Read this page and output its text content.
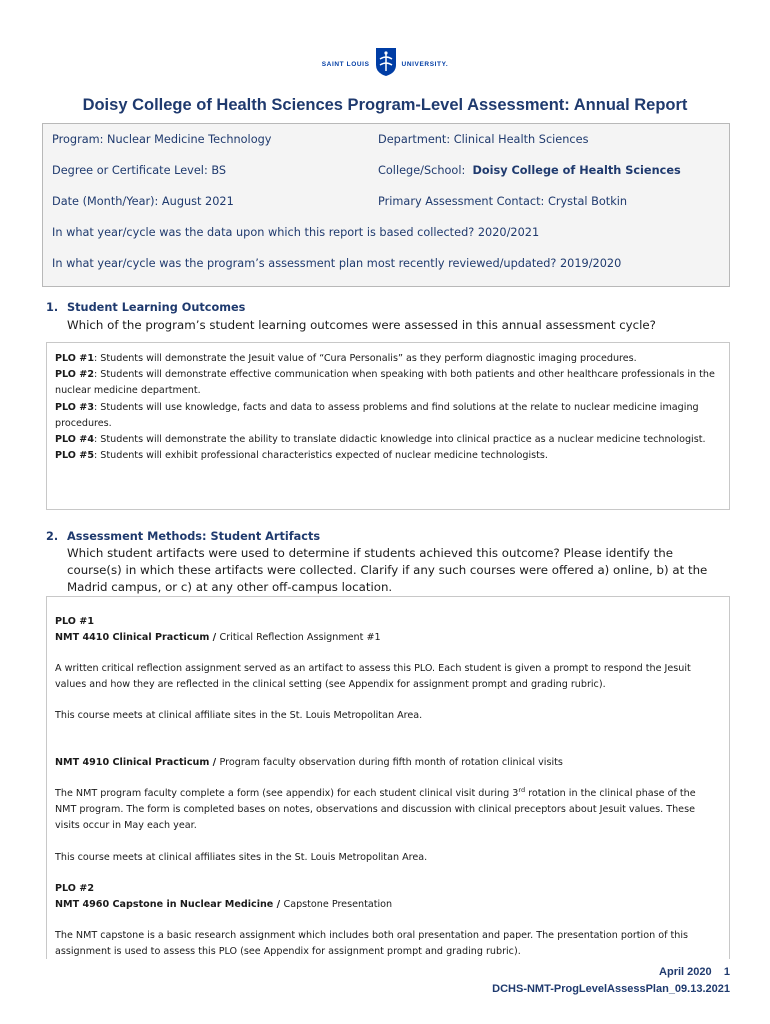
SAINT LOUIS	UNIVERSITY.
Doisy College of Health Sciences Program-Level Assessment: Annual Report
Program: Nuclear Medicine Technology	Department: Clinical Health Sciences
Degree or Certificate Level: BS	College/School:  Doisy College of Health Sciences
Date (Month/Year): August 2021	Primary Assessment Contact: Crystal Botkin
In what year/cycle was the data upon which this report is based collected? 2020/2021
In what year/cycle was the program’s assessment plan most recently reviewed/updated? 2019/2020
1. Student Learning Outcomes
Which of the program’s student learning outcomes were assessed in this annual assessment cycle?

PLO #1: Students will demonstrate the Jesuit value of “Cura Personalis” as they perform diagnostic imaging procedures.

PLO #2: Students will demonstrate effective communication when speaking with both patients and other healthcare professionals in the nuclear medicine department.

PLO #3: Students will use knowledge, facts and data to assess problems and find solutions at the relate to nuclear medicine imaging procedures.

PLO #4: Students will demonstrate the ability to translate didactic knowledge into clinical practice as a nuclear medicine technologist.

PLO #5: Students will exhibit professional characteristics expected of nuclear medicine technologists.

2. Assessment Methods: Student Artifacts
Which student artifacts were used to determine if students achieved this outcome? Please identify the course(s) in which these artifacts were collected. Clarify if any such courses were offered a) online, b) at the Madrid campus, or c) at any other off-campus location.
PLO #1
NMT 4410 Clinical Practicum / Critical Reflection Assignment #1
A written critical reflection assignment served as an artifact to assess this PLO. Each student is given a prompt to respond the Jesuit values and how they are reflected in the clinical setting (see Appendix for assignment prompt and grading rubric).
This course meets at clinical affiliate sites in the St. Louis Metropolitan Area.
NMT 4910 Clinical Practicum / Program faculty observation during fifth month of rotation clinical visits
The NMT program faculty complete a form (see appendix) for each student clinical visit during 3rd rotation in the clinical phase of the NMT program. The form is completed bases on notes, observations and discussion with clinical preceptors about Jesuit values. These visits occur in May each year.
This course meets at clinical affiliates sites in the St. Louis Metropolitan Area.
PLO #2
NMT 4960 Capstone in Nuclear Medicine / Capstone Presentation
The NMT capstone is a basic research assignment which includes both oral presentation and paper. The presentation portion of this assignment is used to assess this PLO (see Appendix for assignment prompt and grading rubric).
April 2020 1
DCHS-NMT-ProgLevelAssessPlan_09.13.2021
